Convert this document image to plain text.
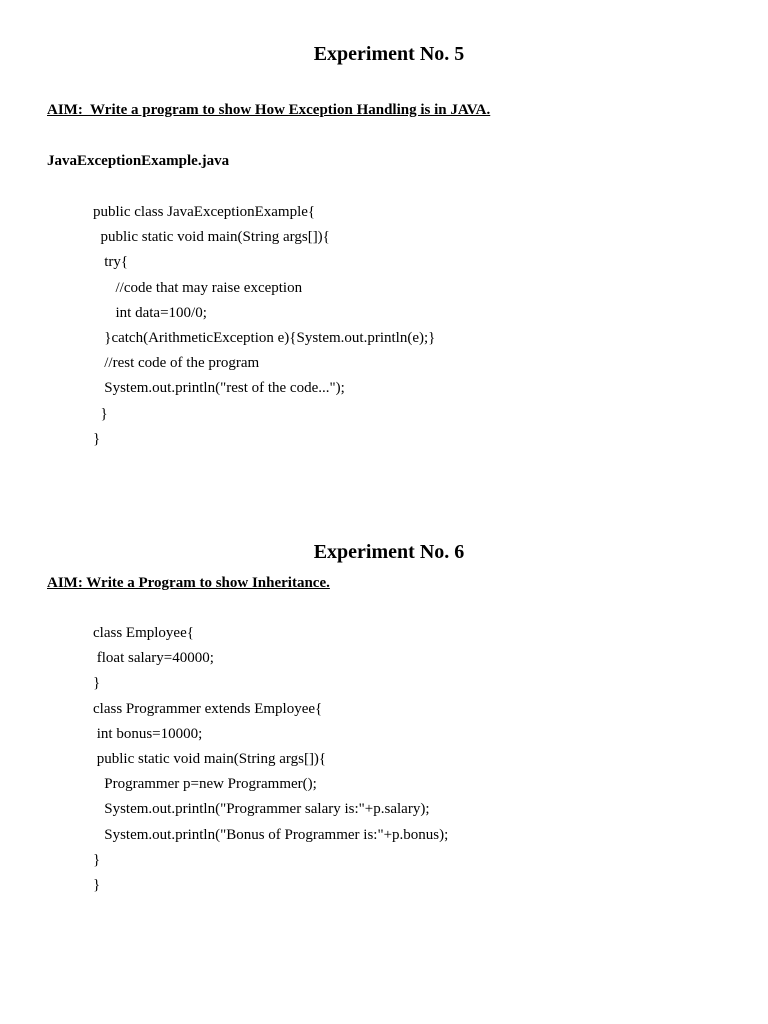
Experiment No. 5

AIM:  Write a program to show How Exception Handling is in JAVA.

JavaExceptionExample.java

public class JavaExceptionExample{
public static void main(String args[]){
try{
//code that may raise exception
int data=100/0;
}catch(ArithmeticException e){System.out.println(e);}
//rest code of the program
System.out.println("rest of the code...");
}
}
Experiment No. 6

AIM: Write a Program to show Inheritance.

class Employee{
float salary=40000;
}
class Programmer extends Employee{
int bonus=10000;
public static void main(String args[]){
Programmer p=new Programmer();
System.out.println("Programmer salary is:"+p.salary);
System.out.println("Bonus of Programmer is:"+p.bonus);
}
}
